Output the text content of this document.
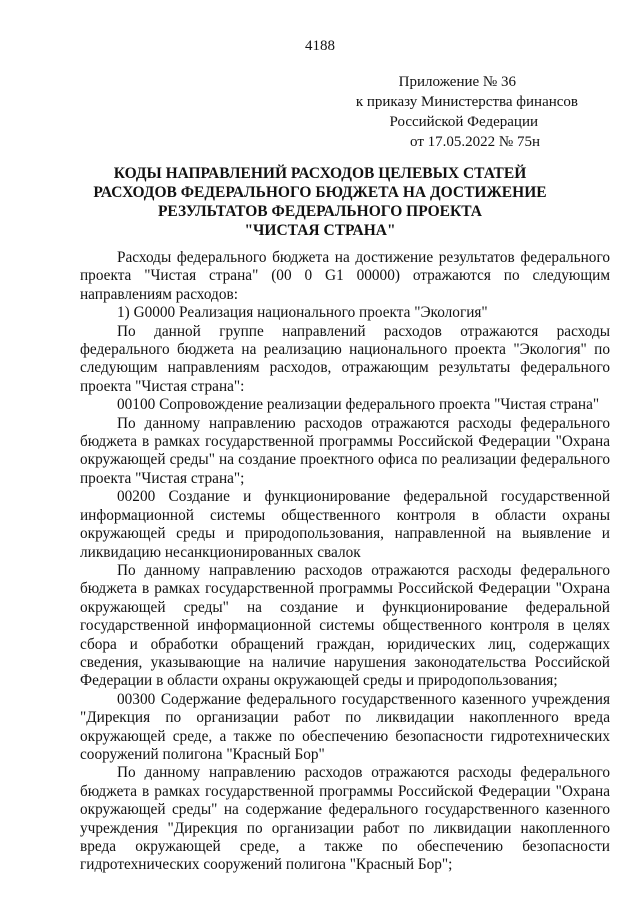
4188
Приложение № 36
к приказу Министерства финансов
Российской Федерации
от 17.05.2022 № 75н
КОДЫ НАПРАВЛЕНИЙ РАСХОДОВ ЦЕЛЕВЫХ СТАТЕЙ
РАСХОДОВ ФЕДЕРАЛЬНОГО БЮДЖЕТА НА ДОСТИЖЕНИЕ
РЕЗУЛЬТАТОВ ФЕДЕРАЛЬНОГО ПРОЕКТА
"ЧИСТАЯ СТРАНА"

Расходы федерального бюджета на достижение результатов федерального проекта "Чистая страна" (00 0 G1 00000) отражаются по следующим направлениям расходов:

1) G0000 Реализация национального проекта "Экология"

По данной группе направлений расходов отражаются расходы федерального бюджета на реализацию национального проекта "Экология" по следующим направлениям расходов, отражающим результаты федерального проекта "Чистая страна":

00100 Сопровождение реализации федерального проекта "Чистая страна"

По данному направлению расходов отражаются расходы федерального бюджета в рамках государственной программы Российской Федерации "Охрана окружающей среды" на создание проектного офиса по реализации федерального проекта "Чистая страна";

00200 Создание и функционирование федеральной государственной информационной системы общественного контроля в области охраны окружающей среды и природопользования, направленной на выявление и ликвидацию несанкционированных свалок

По данному направлению расходов отражаются расходы федерального бюджета в рамках государственной программы Российской Федерации "Охрана окружающей среды" на создание и функционирование федеральной государственной информационной системы общественного контроля в целях сбора и обработки обращений граждан, юридических лиц, содержащих сведения, указывающие на наличие нарушения законодательства Российской Федерации в области охраны окружающей среды и природопользования;

00300 Содержание федерального государственного казенного учреждения "Дирекция по организации работ по ликвидации накопленного вреда окружающей среде, а также по обеспечению безопасности гидротехнических сооружений полигона "Красный Бор"

По данному направлению расходов отражаются расходы федерального бюджета в рамках государственной программы Российской Федерации "Охрана окружающей среды" на содержание федерального государственного казенного учреждения "Дирекция по организации работ по ликвидации накопленного вреда окружающей среде, а также по обеспечению безопасности гидротехнических сооружений полигона "Красный Бор";
